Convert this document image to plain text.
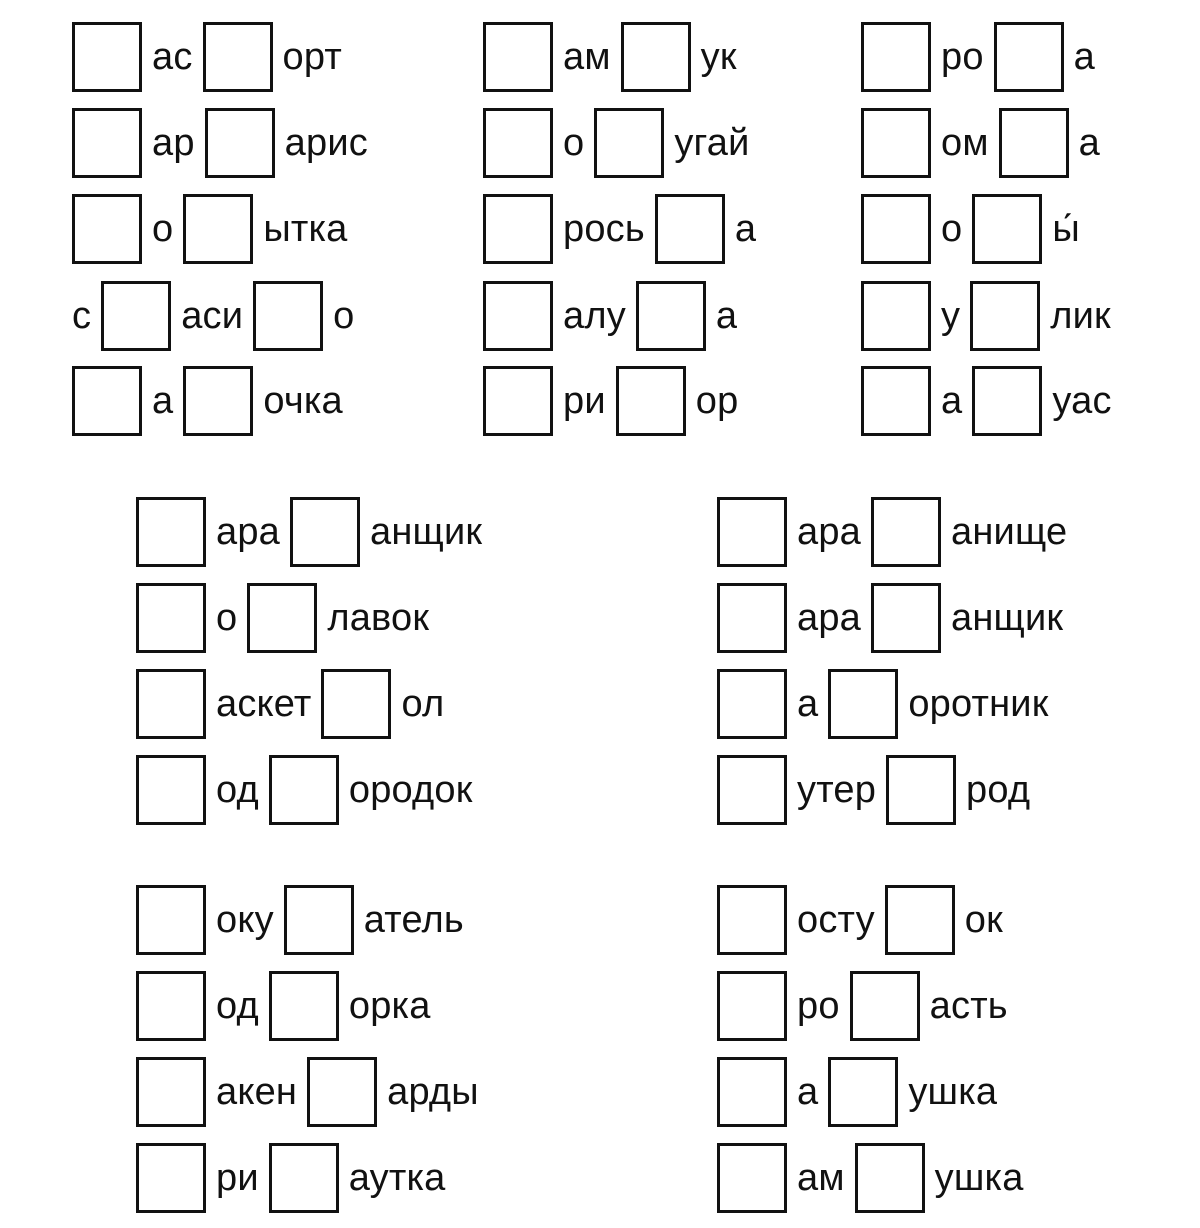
ас орт	ам ук	ро а
ар арис	о угай	ом а
о ытка	рось а	о ы́
с аси о	алу а	у лик
а очка	ри ор	а уас
ара анщик	ара анище
о лавок	ара анщик
аскет ол	а оротник
од ородок	утер род
оку атель	осту ок
од орка	ро асть
акен арды	а ушка
ри аутка	ам ушка
